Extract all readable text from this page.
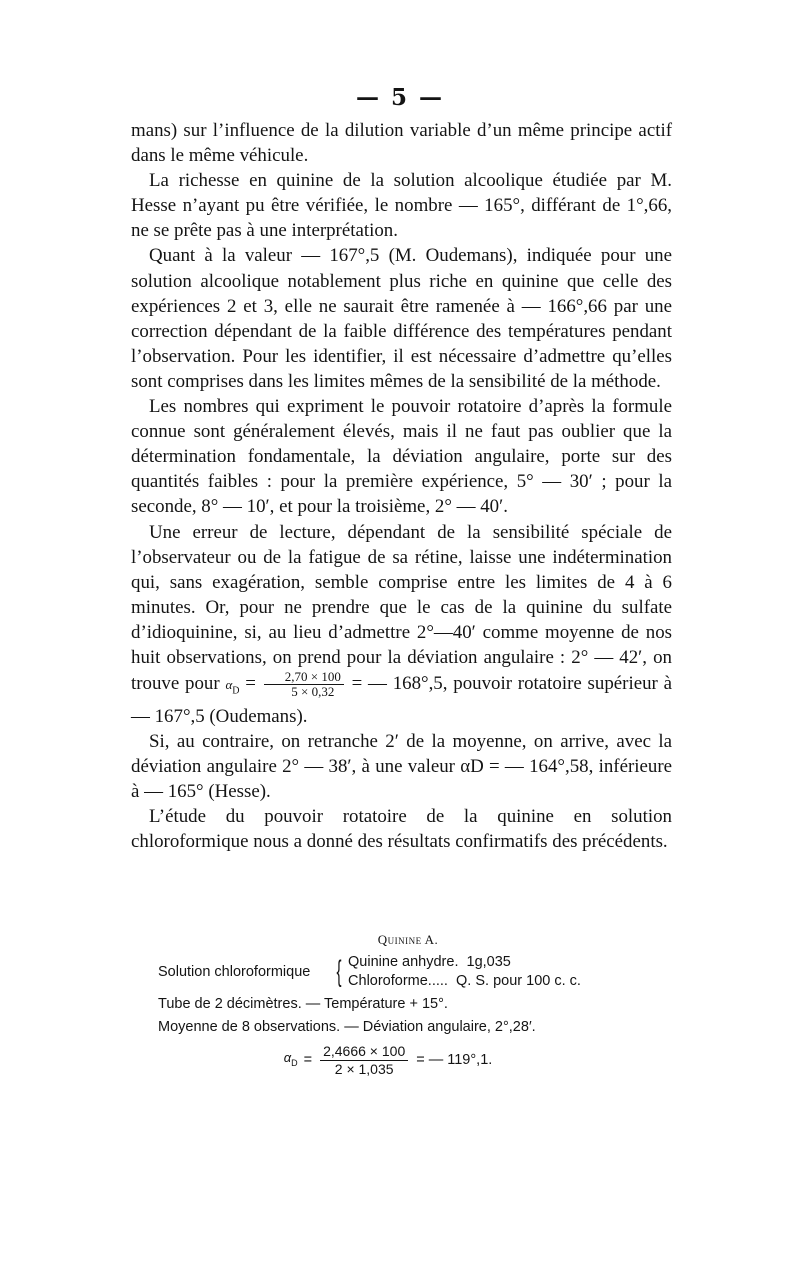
— 5 —

mans) sur l’influence de la dilution variable d’un même principe actif dans le même véhicule.

La richesse en quinine de la solution alcoolique étudiée par M. Hesse n’ayant pu être vérifiée, le nombre — 165°, différant de 1°,66, ne se prête pas à une interprétation.

Quant à la valeur — 167°,5 (M. Oudemans), indiquée pour une solution alcoolique notablement plus riche en quinine que celle des expériences 2 et 3, elle ne saurait être ramenée à — 166°,66 par une correction dépendant de la faible différence des températures pendant l’observation. Pour les identifier, il est nécessaire d’admettre qu’elles sont comprises dans les limites mêmes de la sensibilité de la méthode.

Les nombres qui expriment le pouvoir rotatoire d’après la formule connue sont généralement élevés, mais il ne faut pas oublier que la détermination fondamentale, la déviation angulaire, porte sur des quantités faibles : pour la première expérience, 5° — 30′ ; pour la seconde, 8° — 10′, et pour la troisième, 2° — 40′.

Une erreur de lecture, dépendant de la sensibilité spéciale de l’observateur ou de la fatigue de sa rétine, laisse une indétermination qui, sans exagération, semble comprise entre les limites de 4 à 6 minutes. Or, pour ne prendre que le cas de la quinine du sulfate d’idioquinine, si, au lieu d’admettre 2°—40′ comme moyenne de nos huit observations, on prend pour la déviation angulaire : 2° — 42′, on trouve pour $\alpha_D = \frac{2,70 \times 100}{5 \times 0,32}$ = — 168°,5, pouvoir rotatoire supérieur à — 167°,5 (Oudemans).

Si, au contraire, on retranche 2′ de la moyenne, on arrive, avec la déviation angulaire 2° — 38′, à une valeur αD = — 164°,58, inférieure à — 165° (Hesse).

L’étude du pouvoir rotatoire de la quinine en solution chloroformique nous a donné des résultats confirmatifs des précédents.

Quinine A.
Solution chloroformique { Quinine anhydre.  1g,035
Chloroforme.....  Q. S. pour 100 c. c.
Tube de 2 décimètres. — Température + 15°.
Moyenne de 8 observations. — Déviation angulaire, 2°,28′.
$\alpha_D = \frac{2,4666 \times 100}{2 \times 1,035}$ = — 119°,1.
